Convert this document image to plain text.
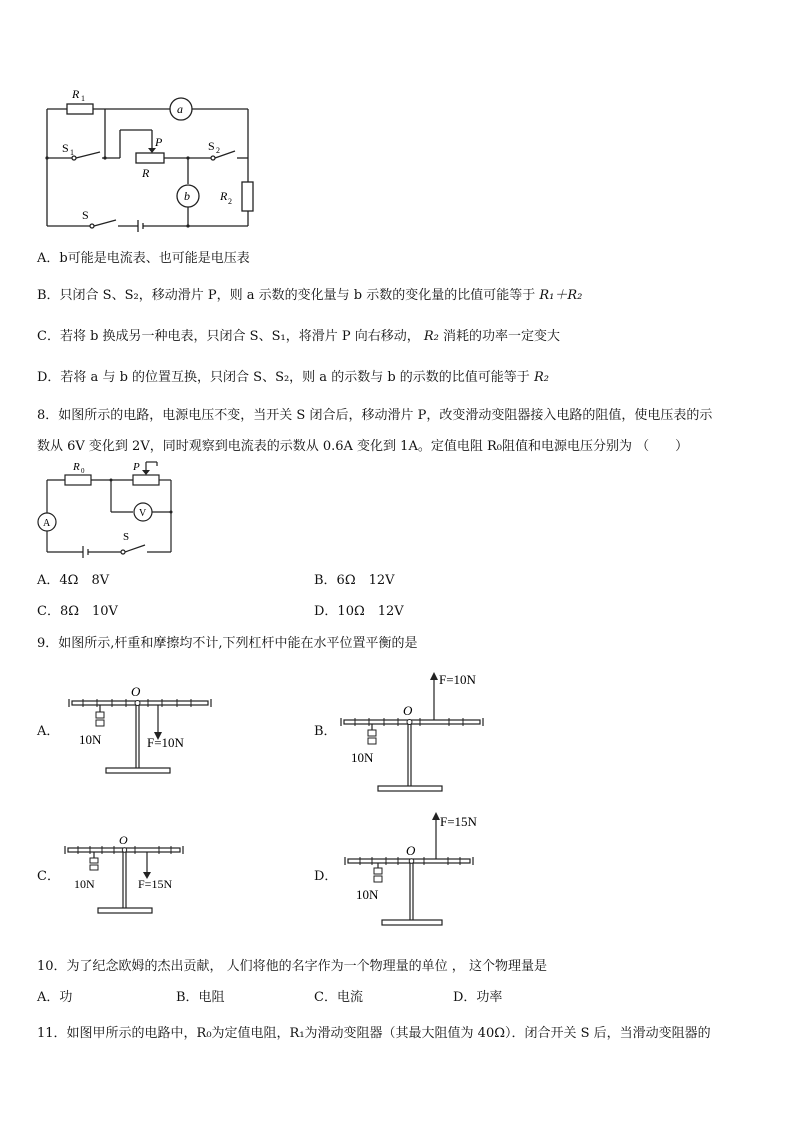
R 1
a
b
S 1	S 2
P
R
R 2
S
A．b可能是电流表、也可能是电压表
B．只闭合 S、S₂，移动滑片 P，则 a 示数的变化量与 b 示数的变化量的比值可能等于 R₁＋R₂
C．若将 b 换成另一种电表，只闭合 S、S₁，将滑片 P 向右移动， R₂ 消耗的功率一定变大
D．若将 a 与 b 的位置互换，只闭合 S、S₂，则 a 的示数与 b 的示数的比值可能等于 R₂
8．如图所示的电路，电源电压不变，当开关 S 闭合后，移动滑片 P，改变滑动变阻器接入电路的阻值，使电压表的示
数从 6V 变化到 2V，同时观察到电流表的示数从 0.6A 变化到 1A。定值电阻 R₀阻值和电源电压分别为 （　　）
R 0	P
V
A
S
A．4Ω　8V	B．6Ω　12V
C．8Ω　10V	D．10Ω　12V
9．如图所示,杆重和摩擦均不计,下列杠杆中能在水平位置平衡的是
A．	B．
C．	D．
O
10N	F=10N
O
10N
F=10N
O
10N	F=15N
O
10N
F=15N
10．为了纪念欧姆的杰出贡献， 人们将他的名字作为一个物理量的单位 ， 这个物理量是
A．功	B．电阻	C．电流	D．功率
11．如图甲所示的电路中，R₀为定值电阻，R₁为滑动变阻器（其最大阻值为 40Ω）．闭合开关 S 后，当滑动变阻器的
